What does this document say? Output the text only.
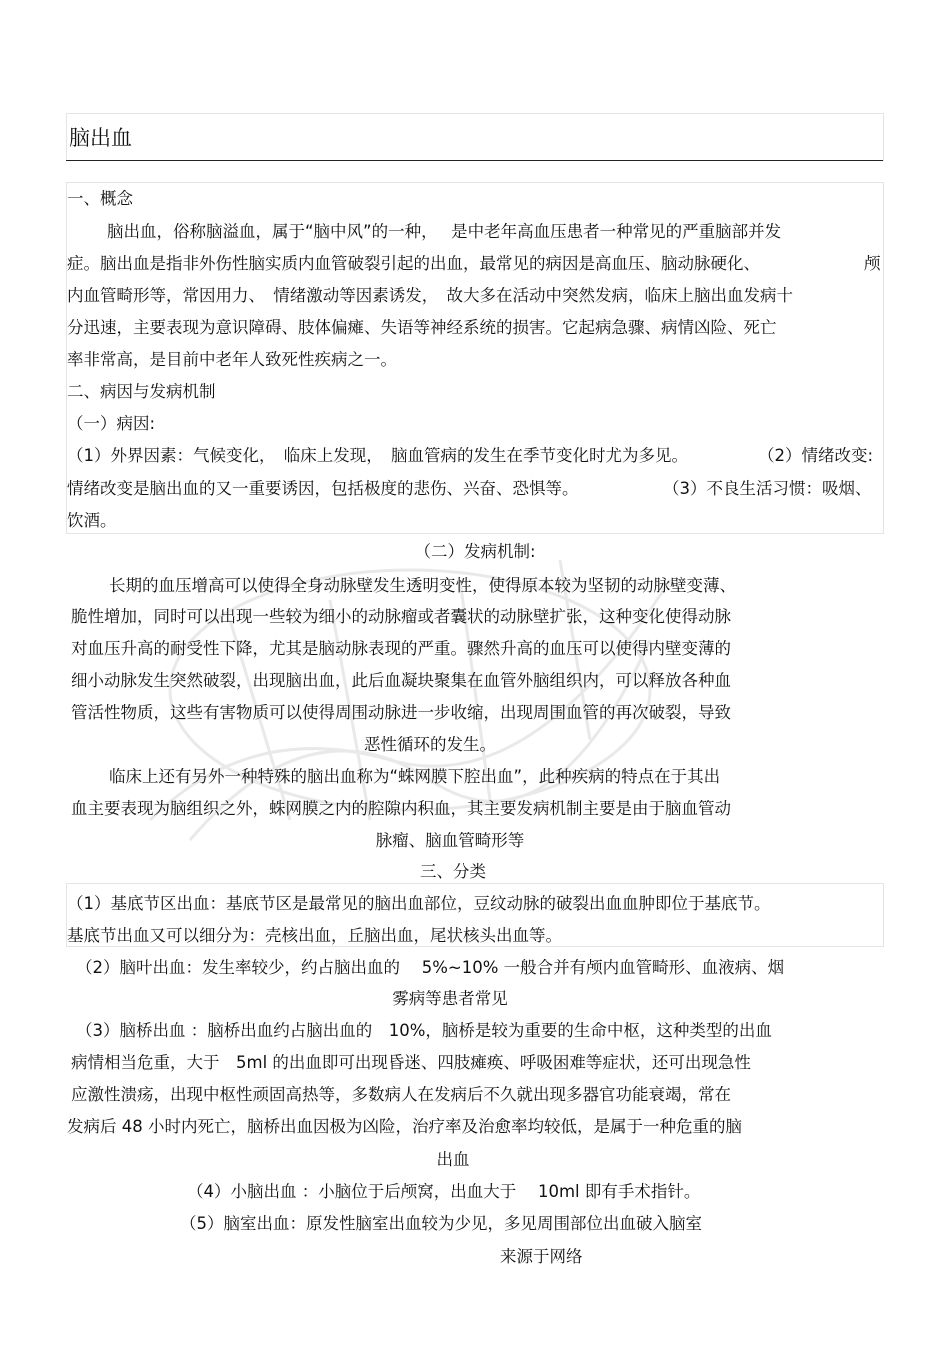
脑出血
一、概念
脑出血，俗称脑溢血，属于“脑中风”的一种，　 是中老年高血压患者一种常见的严重脑部并发
症。脑出血是指非外伤性脑实质内血管破裂引起的出血，最常见的病因是高血压、脑动脉硬化、	颅
内血管畸形等，常因用力、　情绪激动等因素诱发，　故大多在活动中突然发病，临床上脑出血发病十
分迅速，主要表现为意识障碍、肢体偏瘫、失语等神经系统的损害。它起病急骤、病情凶险、死亡
率非常高，是目前中老年人致死性疾病之一。
二、病因与发病机制
（一）病因:
（1）外界因素：气候变化，　临床上发现，　脑血管病的发生在季节变化时尤为多见。	（2）情绪改变:
情绪改变是脑出血的又一重要诱因，包括极度的悲伤、兴奋、恐惧等。	（3）不良生活习惯：吸烟、
饮酒。
（二）发病机制:
长期的血压增高可以使得全身动脉壁发生透明变性，使得原本较为坚韧的动脉壁变薄、
脆性增加，同时可以出现一些较为细小的动脉瘤或者囊状的动脉壁扩张，这种变化使得动脉
对血压升高的耐受性下降，尤其是脑动脉表现的严重。骤然升高的血压可以使得内壁变薄的
细小动脉发生突然破裂，出现脑出血，此后血凝块聚集在血管外脑组织内，可以释放各种血
管活性物质，这些有害物质可以使得周围动脉进一步收缩，出现周围血管的再次破裂，导致
恶性循环的发生。
临床上还有另外一种特殊的脑出血称为“蛛网膜下腔出血”，此种疾病的特点在于其出
血主要表现为脑组织之外，蛛网膜之内的腔隙内积血，其主要发病机制主要是由于脑血管动
脉瘤、脑血管畸形等
三、分类
（1）基底节区出血：基底节区是最常见的脑出血部位，豆纹动脉的破裂出血血肿即位于基底节。
基底节出血又可以细分为：壳核出血，丘脑出血，尾状核头出血等。
（2）脑叶出血：发生率较少，约占脑出血的　 5%~10% 一般合并有颅内血管畸形、血液病、烟
雾病等患者常见
（3）脑桥出血 ：脑桥出血约占脑出血的　10%，脑桥是较为重要的生命中枢，这种类型的出血
病情相当危重，大于　5ml 的出血即可出现昏迷、四肢瘫痪、呼吸困难等症状，还可出现急性
应激性溃疡，出现中枢性顽固高热等，多数病人在发病后不久就出现多器官功能衰竭，常在
发病后 48 小时内死亡，脑桥出血因极为凶险，治疗率及治愈率均较低，是属于一种危重的脑
出血
（4）小脑出血 ：小脑位于后颅窝，出血大于　 10ml 即有手术指针。
（5）脑室出血：原发性脑室出血较为少见，多见周围部位出血破入脑室
来源于网络
